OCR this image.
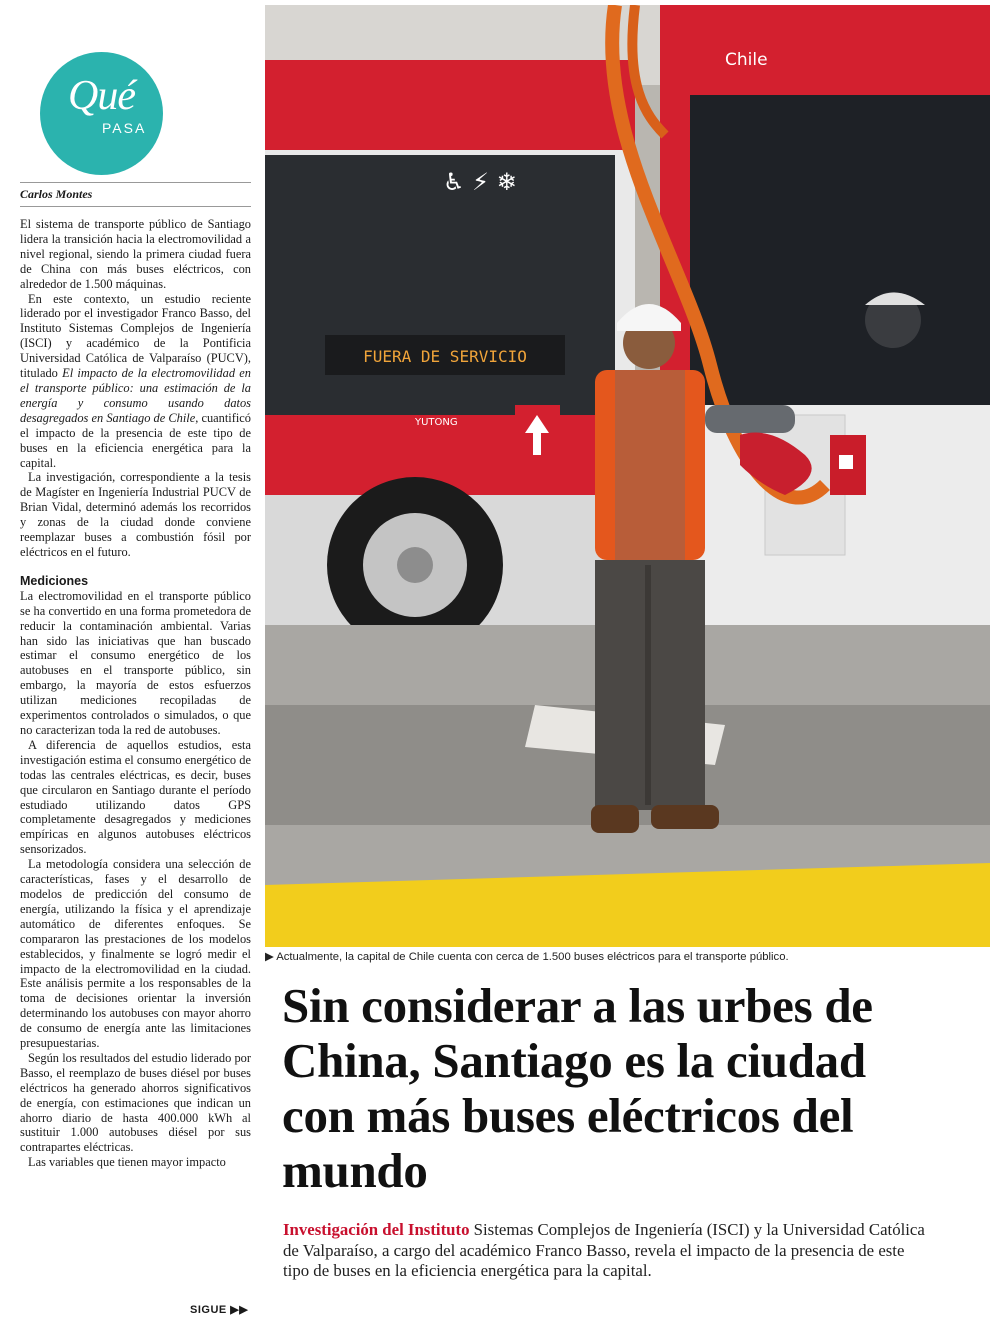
Qué
PASA
Carlos Montes

El sistema de transporte público de Santiago lidera la transición hacia la electromovilidad a nivel regional, siendo la primera ciudad fuera de China con más buses eléctricos, con alrededor de 1.500 máquinas.

En este contexto, un estudio reciente liderado por el investigador Franco Basso, del Instituto Sistemas Complejos de Ingeniería (ISCI) y académico de la Pontificia Universidad Católica de Valparaíso (PUCV), titulado El impacto de la electromovilidad en el transporte público: una estimación de la energía y consumo usando datos desagregados en Santiago de Chile, cuantificó el impacto de la presencia de este tipo de buses en la eficiencia energética para la capital.

La investigación, correspondiente a la tesis de Magíster en Ingeniería Industrial PUCV de Brian Vidal, determinó además los recorridos y zonas de la ciudad donde conviene reemplazar buses a combustión fósil por eléctricos en el futuro.

Mediciones

La electromovilidad en el transporte público se ha convertido en una forma prometedora de reducir la contaminación ambiental. Varias han sido las iniciativas que han buscado estimar el consumo energético de los autobuses en el transporte público, sin embargo, la mayoría de estos esfuerzos utilizan mediciones recopiladas de experimentos controlados o simulados, o que no caracterizan toda la red de autobuses.

A diferencia de aquellos estudios, esta investigación estima el consumo energético de todas las centrales eléctricas, es decir, buses que circularon en Santiago durante el período estudiado utilizando datos GPS completamente desagregados y mediciones empíricas en algunos autobuses eléctricos sensorizados.

La metodología considera una selección de características, fases y el desarrollo de modelos de predicción del consumo de energía, utilizando la física y el aprendizaje automático de diferentes enfoques. Se compararon las prestaciones de los modelos establecidos, y finalmente se logró medir el impacto de la electromovilidad en la ciudad. Este análisis permite a los responsables de la toma de decisiones orientar la inversión determinando los autobuses con mayor ahorro de consumo de energía ante las limitaciones presupuestarias.

Según los resultados del estudio liderado por Basso, el reemplazo de buses diésel por buses eléctricos ha generado ahorros significativos de energía, con estimaciones que indican un ahorro diario de hasta 400.000 kWh al sustituir 1.000 autobuses diésel por sus contrapartes eléctricas.

Las variables que tienen mayor impacto

SIGUE ▶▶
FUERA DE SERVICIO
♿ ⚡ ❄
YUTONG
Chile
▶ Actualmente, la capital de Chile cuenta con cerca de 1.500 buses eléctricos para el transporte público.
Sin considerar a las urbes de China, Santiago es la ciudad con más buses eléctricos del mundo

Investigación del Instituto Sistemas Complejos de Ingeniería (ISCI) y la Universidad Católica de Valparaíso, a cargo del académico Franco Basso, revela el impacto de la presencia de este tipo de buses en la eficiencia energética para la capital.
